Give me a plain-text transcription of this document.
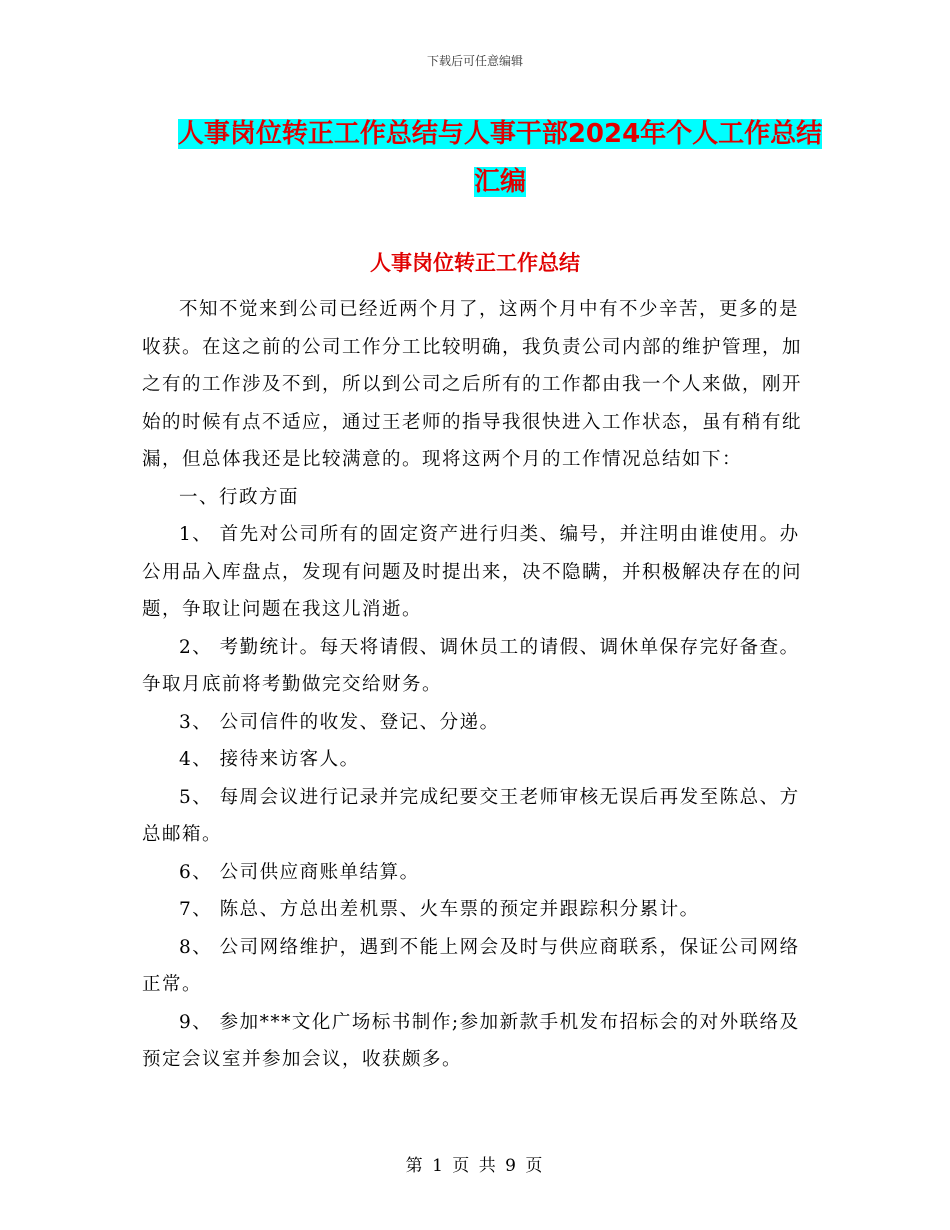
下载后可任意编辑
人事岗位转正工作总结与人事干部2024年个人工作总结汇编
人事岗位转正工作总结

不知不觉来到公司已经近两个月了，这两个月中有不少辛苦，更多的是收获。在这之前的公司工作分工比较明确，我负责公司内部的维护管理，加之有的工作涉及不到，所以到公司之后所有的工作都由我一个人来做，刚开始的时候有点不适应，通过王老师的指导我很快进入工作状态，虽有稍有纰漏，但总体我还是比较满意的。现将这两个月的工作情况总结如下：

一、行政方面

1、 首先对公司所有的固定资产进行归类、编号，并注明由谁使用。办公用品入库盘点，发现有问题及时提出来，决不隐瞒，并积极解决存在的问题，争取让问题在我这儿消逝。

2、 考勤统计。每天将请假、调休员工的请假、调休单保存完好备查。争取月底前将考勤做完交给财务。

3、 公司信件的收发、登记、分递。

4、 接待来访客人。

5、 每周会议进行记录并完成纪要交王老师审核无误后再发至陈总、方总邮箱。

6、 公司供应商账单结算。

7、 陈总、方总出差机票、火车票的预定并跟踪积分累计。

8、 公司网络维护，遇到不能上网会及时与供应商联系，保证公司网络正常。

9、 参加***文化广场标书制作;参加新款手机发布招标会的对外联络及预定会议室并参加会议，收获颇多。

第 1 页 共 9 页
